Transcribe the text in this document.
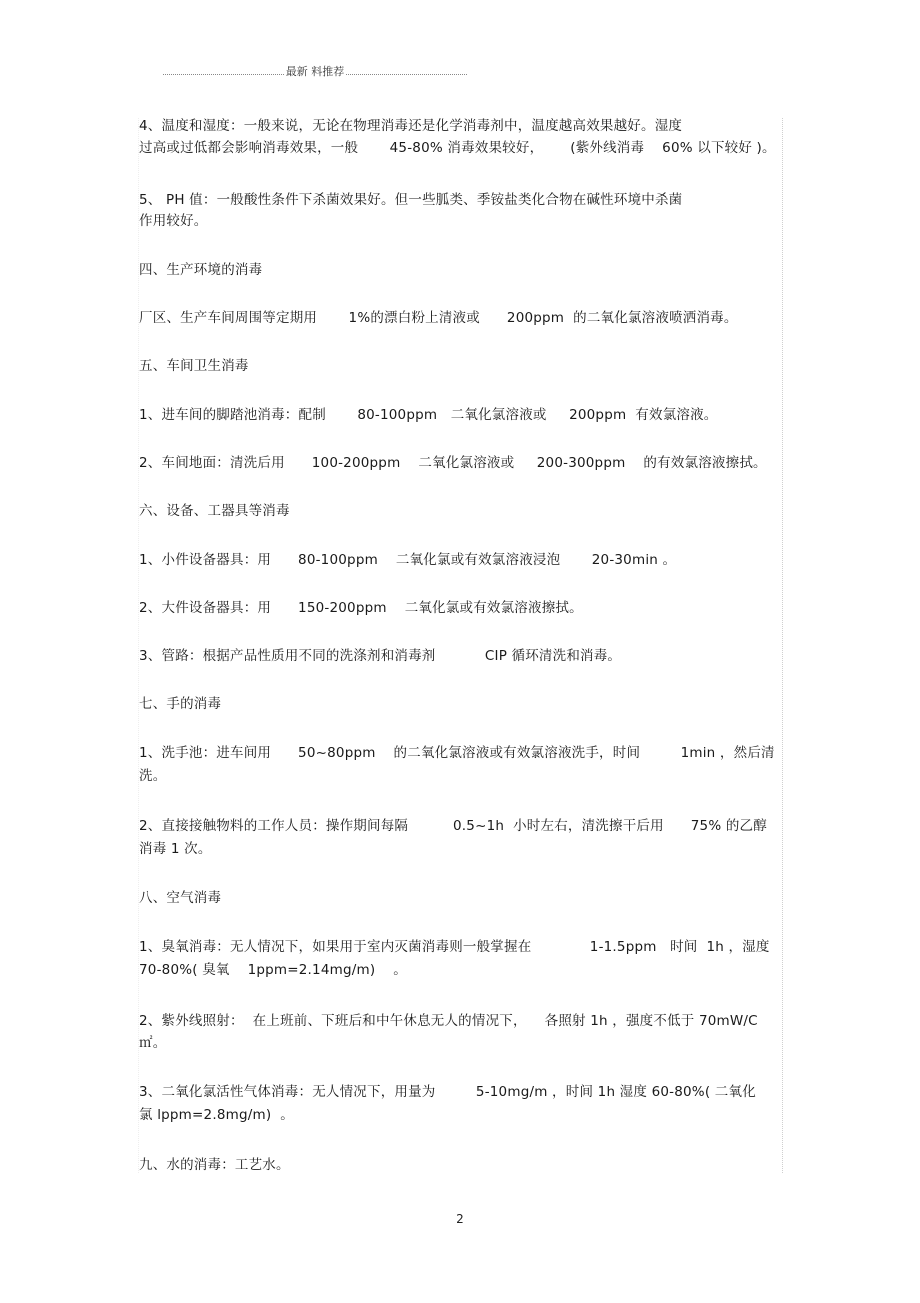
最新 料推荐
4、温度和湿度：一般来说，无论在物理消毒还是化学消毒剂中，温度越高效果越好。湿度
过高或过低都会影响消毒效果，一般       45-80% 消毒效果较好，      (紫外线消毒    60% 以下较好 )。
5、 PH 值：一般酸性条件下杀菌效果好。但一些胍类、季铵盐类化合物在碱性环境中杀菌
作用较好。
四、生产环境的消毒
厂区、生产车间周围等定期用       1%的漂白粉上清液或      200ppm  的二氧化氯溶液喷洒消毒。
五、车间卫生消毒
1、进车间的脚踏池消毒：配制       80-100ppm   二氧化氯溶液或     200ppm  有效氯溶液。
2、车间地面：清洗后用      100-200ppm    二氧化氯溶液或     200-300ppm    的有效氯溶液擦拭。
六、设备、工器具等消毒
1、小件设备器具：用      80-100ppm    二氧化氯或有效氯溶液浸泡       20-30min 。
2、大件设备器具：用      150-200ppm    二氧化氯或有效氯溶液擦拭。
3、管路：根据产品性质用不同的洗涤剂和消毒剂           CIP 循环清洗和消毒。
七、手的消毒
1、洗手池：进车间用      50~80ppm    的二氧化氯溶液或有效氯溶液洗手，时间         1min ，然后清
洗。
2、直接接触物料的工作人员：操作期间每隔          0.5~1h  小时左右，清洗擦干后用      75% 的乙醇
消毒 1 次。
八、空气消毒
1、臭氧消毒：无人情况下，如果用于室内灭菌消毒则一般掌握在             1-1.5ppm   时间  1h ，湿度
70-80%( 臭氧    1ppm=2.14mg/m)    。
2、紫外线照射：  在上班前、下班后和中午休息无人的情况下，    各照射 1h ，强度不低于 70mW/C
㎡。
3、二氧化氯活性气体消毒：无人情况下，用量为         5-10mg/m ，时间 1h 湿度 60-80%( 二氧化
氯 lppm=2.8mg/m)  。
九、水的消毒：工艺水。
2
